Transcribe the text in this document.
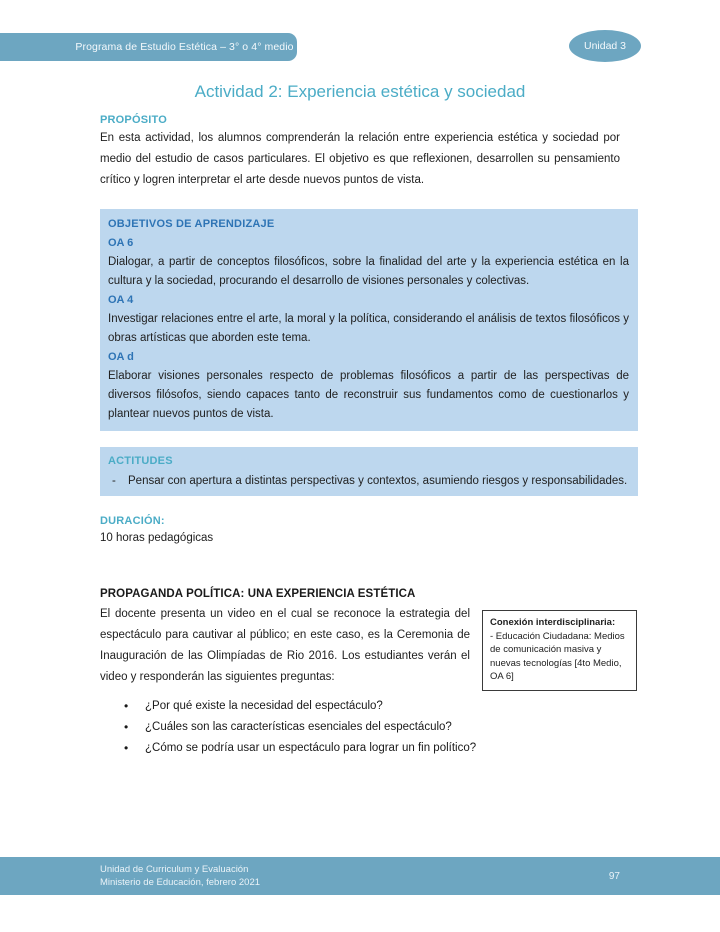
Programa de Estudio Estética – 3° o 4° medio	Unidad 3
Actividad 2: Experiencia estética y sociedad
PROPÓSITO

En esta actividad, los alumnos comprenderán la relación entre experiencia estética y sociedad por medio del estudio de casos particulares. El objetivo es que reflexionen, desarrollen su pensamiento crítico y logren interpretar el arte desde nuevos puntos de vista.

OBJETIVOS DE APRENDIZAJE
OA 6
Dialogar, a partir de conceptos filosóficos, sobre la finalidad del arte y la experiencia estética en la cultura y la sociedad, procurando el desarrollo de visiones personales y colectivas.
OA 4
Investigar relaciones entre el arte, la moral y la política, considerando el análisis de textos filosóficos y obras artísticas que aborden este tema.
OA d
Elaborar visiones personales respecto de problemas filosóficos a partir de las perspectivas de diversos filósofos, siendo capaces tanto de reconstruir sus fundamentos como de cuestionarlos y plantear nuevos puntos de vista.
ACTITUDES
-	Pensar con apertura a distintas perspectivas y contextos, asumiendo riesgos y responsabilidades.
DURACIÓN:

10 horas pedagógicas

PROPAGANDA POLÍTICA: UNA EXPERIENCIA ESTÉTICA

El docente presenta un video en el cual se reconoce la estrategia del espectáculo para cautivar al público; en este caso, es la Ceremonia de Inauguración de las Olimpíadas de Rio 2016. Los estudiantes verán el video y responderán las siguientes preguntas:

Conexión interdisciplinaria:
- Educación Ciudadana: Medios de comunicación masiva y nuevas tecnologías [4to Medio, OA 6]
• ¿Por qué existe la necesidad del espectáculo?
• ¿Cuáles son las características esenciales del espectáculo?
• ¿Cómo se podría usar un espectáculo para lograr un fin político?
Unidad de Curriculum y Evaluación
Ministerio de Educación, febrero 2021
97
